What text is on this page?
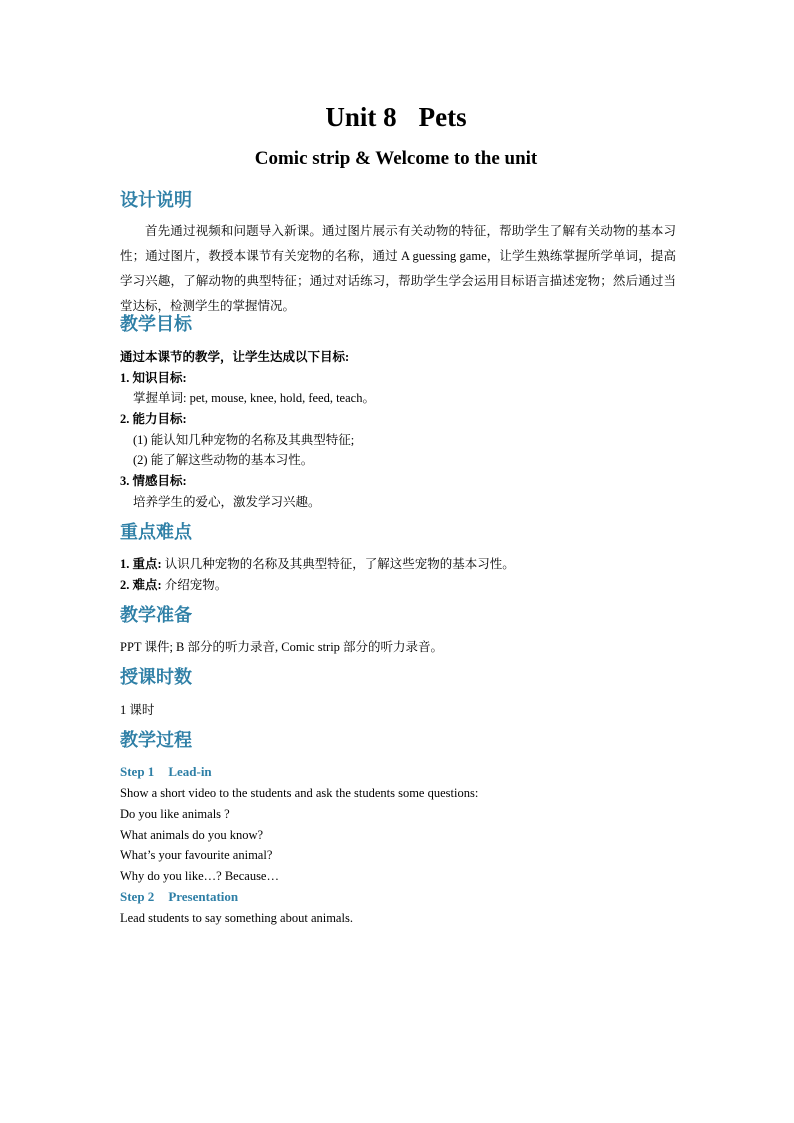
Unit 8 Pets
Comic strip & Welcome to the unit
设计说明

首先通过视频和问题导入新课。通过图片展示有关动物的特征，帮助学生了解有关动物的基本习性；通过图片，教授本课节有关宠物的名称，通过 A guessing game，让学生熟练掌握所学单词，提高学习兴趣，了解动物的典型特征；通过对话练习，帮助学生学会运用目标语言描述宠物；然后通过当堂达标，检测学生的掌握情况。

教学目标

通过本课节的教学，让学生达成以下目标:

1. 知识目标:

掌握单词: pet, mouse, knee, hold, feed, teach。

2. 能力目标:

(1) 能认知几种宠物的名称及其典型特征;

(2) 能了解这些动物的基本习性。

3. 情感目标:

培养学生的爱心，激发学习兴趣。

重点难点

1. 重点: 认识几种宠物的名称及其典型特征，了解这些宠物的基本习性。

2. 难点: 介绍宠物。

教学准备

PPT 课件; B 部分的听力录音, Comic strip 部分的听力录音。

授课时数

1 课时

教学过程

Step 1 Lead-in

Show a short video to the students and ask the students some questions:

Do you like animals ?

What animals do you know?

What’s your favourite animal?

Why do you like…? Because…

Step 2 Presentation

Lead students to say something about animals.
